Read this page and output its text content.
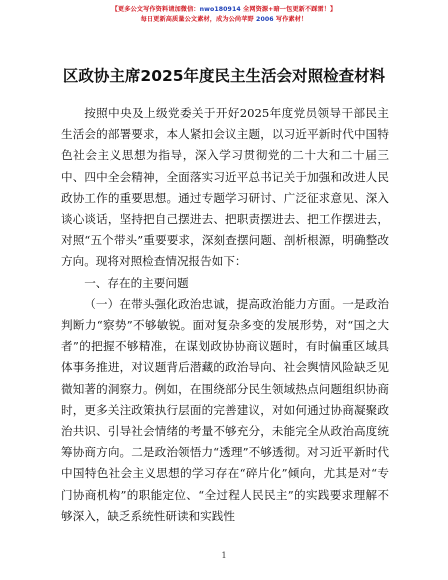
【更多公文写作资料请加微信：nwo180914 全网资源+暗一包更新不踩雷！】
每日更新高质量公文素材，成为公尚苹野 2006 写作素材！
区政协主席2025年度民主生活会对照检查材料

按照中央及上级党委关于开好2025年度党员领导干部民主生活会的部署要求，本人紧扣会议主题，以习近平新时代中国特色社会主义思想为指导，深入学习贯彻党的二十大和二十届三中、四中全会精神，全面落实习近平总书记关于加强和改进人民政协工作的重要思想。通过专题学习研讨、广泛征求意见、深入谈心谈话，坚持把自己摆进去、把职责摆进去、把工作摆进去，对照“五个带头”重要要求，深刻查摆问题、剖析根源，明确整改方向。现将对照检查情况报告如下：

一、存在的主要问题

（一）在带头强化政治忠诚，提高政治能力方面。一是政治判断力“察势”不够敏锐。面对复杂多变的发展形势，对“国之大者”的把握不够精准，在谋划政协协商议题时，有时偏重区域具体事务推进，对议题背后潜藏的政治导向、社会舆情风险缺乏见微知著的洞察力。例如，在围绕部分民生领域热点问题组织协商时，更多关注政策执行层面的完善建议，对如何通过协商凝聚政治共识、引导社会情绪的考量不够充分，未能完全从政治高度统筹协商方向。二是政治领悟力“透理”不够透彻。对习近平新时代中国特色社会主义思想的学习存在“碎片化”倾向，尤其是对“专门协商机构”的职能定位、“全过程人民民主”的实践要求理解不够深入，缺乏系统性研读和实践性

1
